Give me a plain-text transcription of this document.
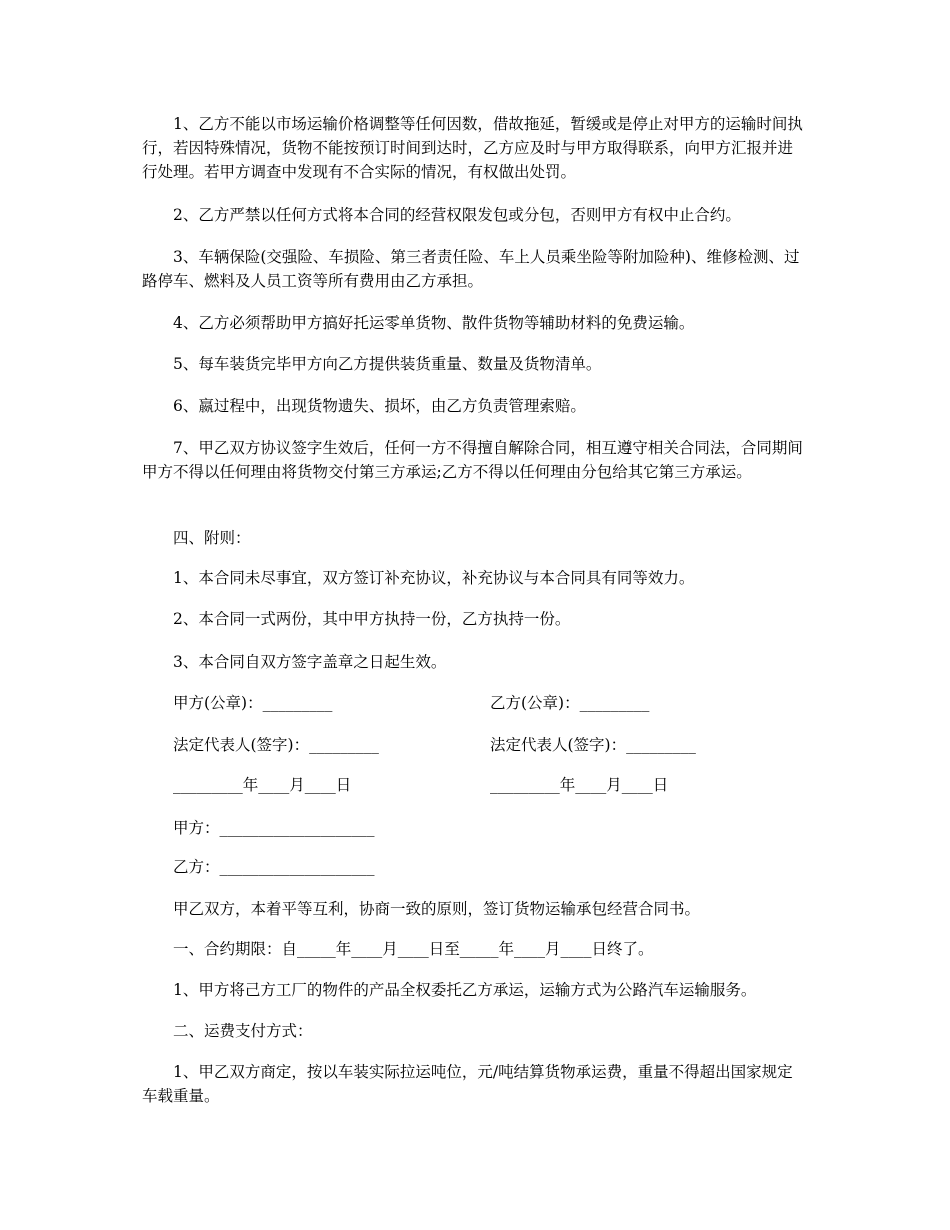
1、乙方不能以市场运输价格调整等任何因数，借故拖延，暂缓或是停止对甲方的运输时间执行，若因特殊情况，货物不能按预订时间到达时，乙方应及时与甲方取得联系，向甲方汇报并进行处理。若甲方调查中发现有不合实际的情况，有权做出处罚。

2、乙方严禁以任何方式将本合同的经营权限发包或分包，否则甲方有权中止合约。

3、车辆保险(交强险、车损险、第三者责任险、车上人员乘坐险等附加险种)、维修检测、过路停车、燃料及人员工资等所有费用由乙方承担。

4、乙方必须帮助甲方搞好托运零单货物、散件货物等辅助材料的免费运输。

5、每车装货完毕甲方向乙方提供装货重量、数量及货物清单。

6、嬴过程中，出现货物遗失、损坏，由乙方负责管理索赔。

7、甲乙双方协议签字生效后，任何一方不得擅自解除合同，相互遵守相关合同法，合同期间甲方不得以任何理由将货物交付第三方承运;乙方不得以任何理由分包给其它第三方承运。

四、附则：

1、本合同未尽事宜，双方签订补充协议，补充协议与本合同具有同等效力。

2、本合同一式两份，其中甲方执持一份，乙方执持一份。

3、本合同自双方签字盖章之日起生效。

甲方(公章)：_________	乙方(公章)：_________

法定代表人(签字)：_________	法定代表人(签字)：_________

_________年____月____日	_________年____月____日

甲方：____________________

乙方：____________________

甲乙双方，本着平等互利，协商一致的原则，签订货物运输承包经营合同书。

一、合约期限：自_____年____月____日至_____年____月____日终了。

1、甲方将己方工厂的物件的产品全权委托乙方承运，运输方式为公路汽车运输服务。

二、运费支付方式：

1、甲乙双方商定，按以车装实际拉运吨位，元/吨结算货物承运费，重量不得超出国家规定车载重量。
